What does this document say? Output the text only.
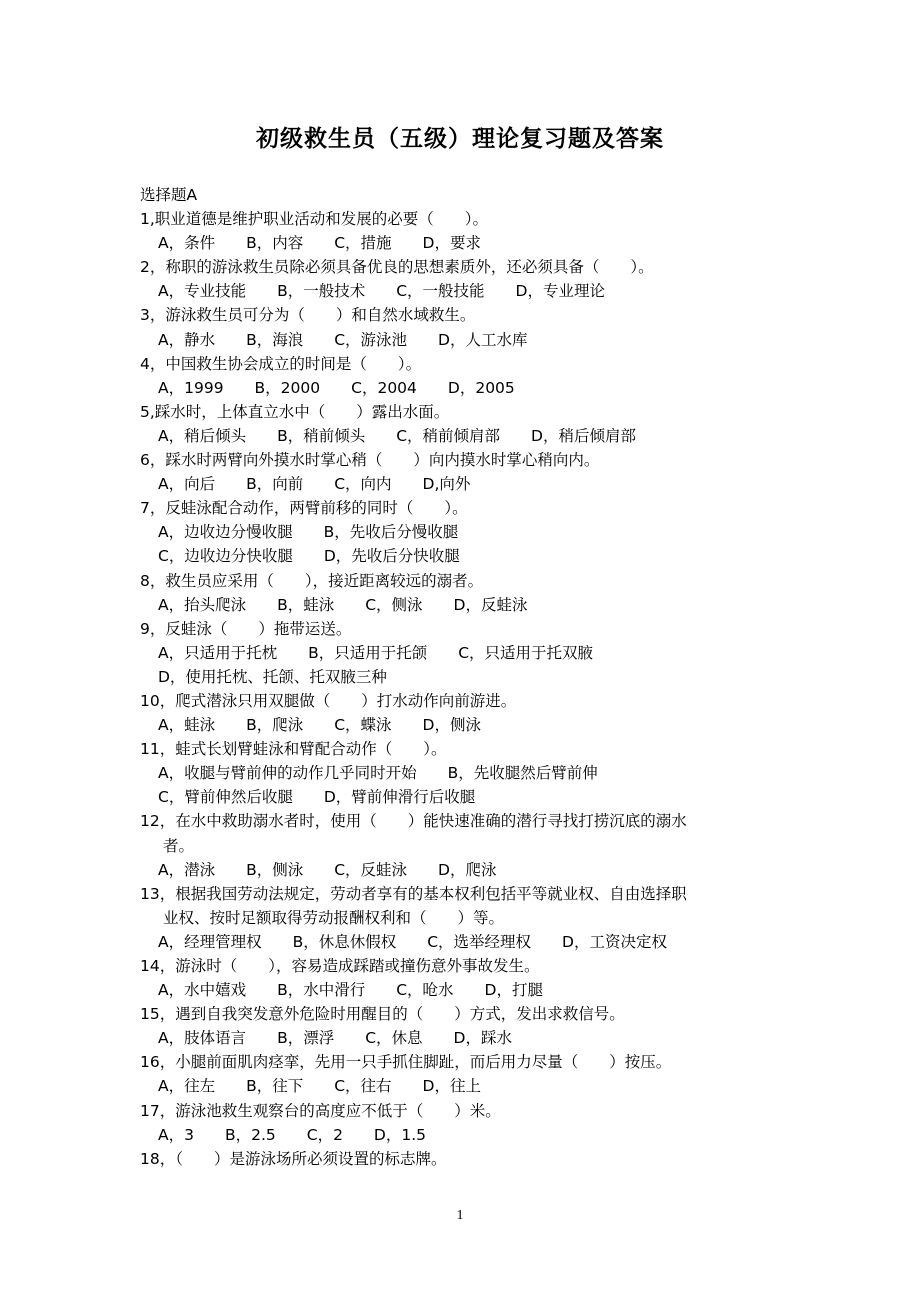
初级救生员（五级）理论复习题及答案
选择题A
1,职业道德是维护职业活动和发展的必要（　　）。
A，条件　　B，内容　　C，措施　　D，要求
2，称职的游泳救生员除必须具备优良的思想素质外，还必须具备（　　）。
A，专业技能　　B，一般技术　　C，一般技能　　D，专业理论
3，游泳救生员可分为（　　）和自然水域救生。
A，静水　　B，海浪　　C，游泳池　　D，人工水库
4，中国救生协会成立的时间是（　　）。
A，1999　　B，2000　　C，2004　　D，2005
5,踩水时，上体直立水中（　　）露出水面。
A，稍后倾头　　B，稍前倾头　　C，稍前倾肩部　　D，稍后倾肩部
6，踩水时两臂向外摸水时掌心稍（　　）向内摸水时掌心稍向内。
A，向后　　B，向前　　C，向内　　D,向外
7，反蛙泳配合动作，两臂前移的同时（　　）。
A，边收边分慢收腿　　B，先收后分慢收腿
C，边收边分快收腿　　D，先收后分快收腿
8，救生员应采用（　　），接近距离较远的溺者。
A，抬头爬泳　　B，蛙泳　　C，侧泳　　D，反蛙泳
9，反蛙泳（　　）拖带运送。
A，只适用于托枕　　B，只适用于托颌　　C，只适用于托双腋
D，使用托枕、托颌、托双腋三种
10，爬式潜泳只用双腿做（　　）打水动作向前游进。
A，蛙泳　　B，爬泳　　C，蝶泳　　D，侧泳
11，蛙式长划臂蛙泳和臂配合动作（　　）。
A，收腿与臂前伸的动作几乎同时开始　　B，先收腿然后臂前伸
C，臂前伸然后收腿　　D，臂前伸滑行后收腿
12，在水中救助溺水者时，使用（　　）能快速准确的潜行寻找打捞沉底的溺水
者。
A，潜泳　　B，侧泳　　C，反蛙泳　　D，爬泳
13，根据我国劳动法规定，劳动者享有的基本权利包括平等就业权、自由选择职
业权、按时足额取得劳动报酬权利和（　　）等。
A，经理管理权　　B，休息休假权　　C，选举经理权　　D，工资决定权
14，游泳时（　　），容易造成踩踏或撞伤意外事故发生。
A，水中嬉戏　　B，水中滑行　　C，呛水　　D，打腿
15，遇到自我突发意外危险时用醒目的（　　）方式，发出求救信号。
A，肢体语言　　B，漂浮　　C，休息　　D，踩水
16，小腿前面肌肉痉挛，先用一只手抓住脚趾，而后用力尽量（　　）按压。
A，往左　　B，往下　　C，往右　　D，往上
17，游泳池救生观察台的高度应不低于（　　）米。
A，3　　B，2.5　　C，2　　D，1.5
18，（　　）是游泳场所必须设置的标志牌。
1
